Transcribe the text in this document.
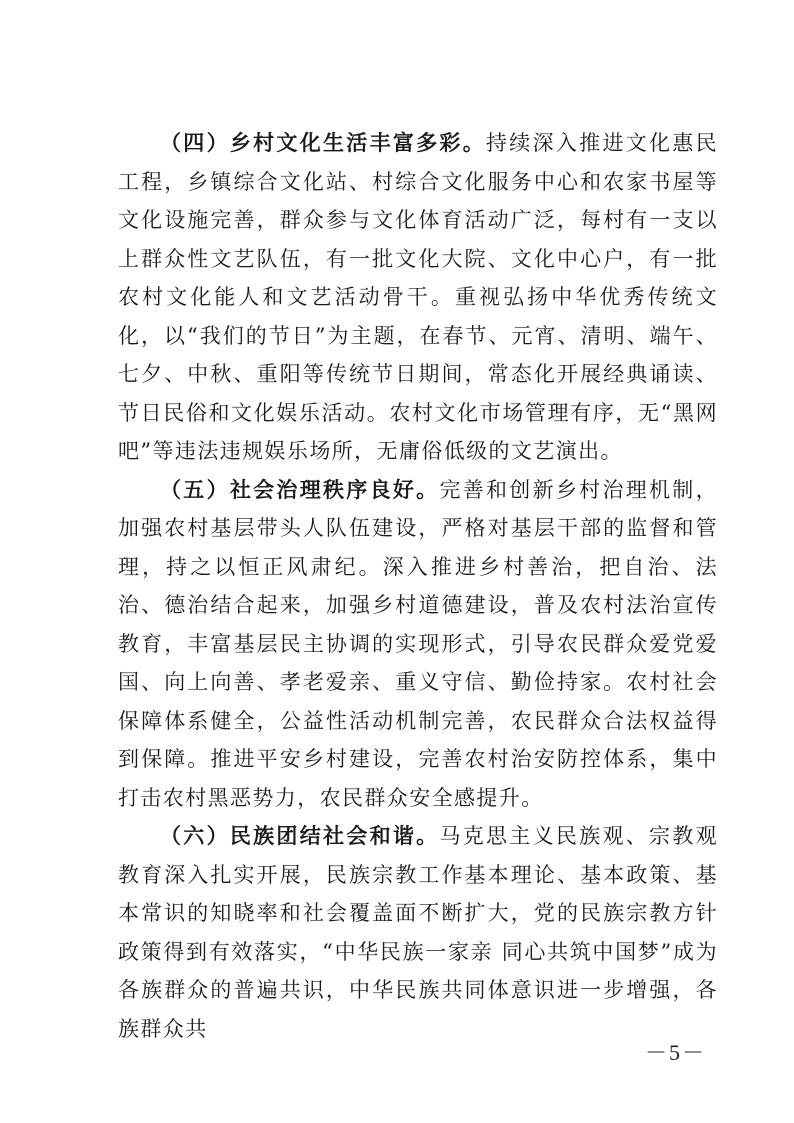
（四）乡村文化生活丰富多彩。持续深入推进文化惠民工程，乡镇综合文化站、村综合文化服务中心和农家书屋等文化设施完善，群众参与文化体育活动广泛，每村有一支以上群众性文艺队伍，有一批文化大院、文化中心户，有一批农村文化能人和文艺活动骨干。重视弘扬中华优秀传统文化，以“我们的节日”为主题，在春节、元宵、清明、端午、七夕、中秋、重阳等传统节日期间，常态化开展经典诵读、节日民俗和文化娱乐活动。农村文化市场管理有序，无“黑网吧”等违法违规娱乐场所，无庸俗低级的文艺演出。

（五）社会治理秩序良好。完善和创新乡村治理机制，加强农村基层带头人队伍建设，严格对基层干部的监督和管理，持之以恒正风肃纪。深入推进乡村善治，把自治、法治、德治结合起来，加强乡村道德建设，普及农村法治宣传教育，丰富基层民主协调的实现形式，引导农民群众爱党爱国、向上向善、孝老爱亲、重义守信、勤俭持家。农村社会保障体系健全，公益性活动机制完善，农民群众合法权益得到保障。推进平安乡村建设，完善农村治安防控体系，集中打击农村黑恶势力，农民群众安全感提升。

（六）民族团结社会和谐。马克思主义民族观、宗教观教育深入扎实开展，民族宗教工作基本理论、基本政策、基本常识的知晓率和社会覆盖面不断扩大，党的民族宗教方针政策得到有效落实，“中华民族一家亲 同心共筑中国梦”成为各族群众的普遍共识，中华民族共同体意识进一步增强，各族群众共

－5－
